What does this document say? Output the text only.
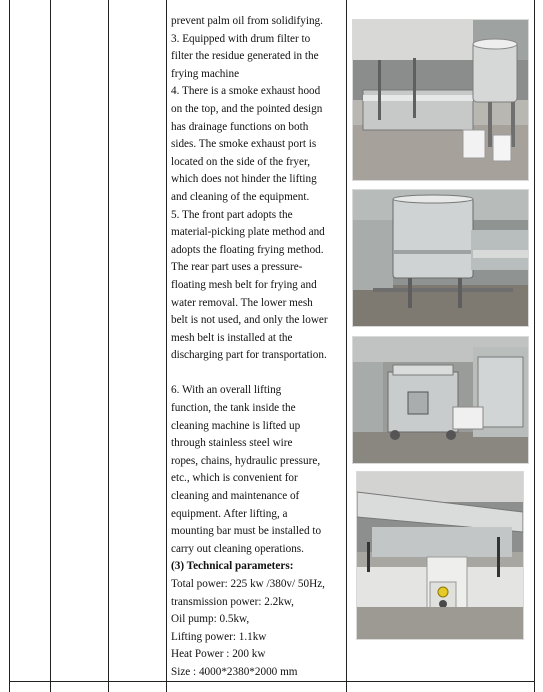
prevent palm oil from solidifying.
3. Equipped with drum filter to
filter the residue generated in the
frying machine
4. There is a smoke exhaust hood
on the top, and the pointed design
has drainage functions on both
sides. The smoke exhaust port is
located on the side of the fryer,
which does not hinder the lifting
and cleaning of the equipment.
5. The front part adopts the
material-picking plate method and
adopts the floating frying method.
The rear part uses a pressure-
floating mesh belt for frying and
water removal. The lower mesh
belt is not used, and only the lower
mesh belt is installed at the
discharging part for transportation.
6. With an overall lifting
function, the tank inside the
cleaning machine is lifted up
through stainless steel wire
ropes, chains, hydraulic pressure,
etc., which is convenient for
cleaning and maintenance of
equipment. After lifting, a
mounting bar must be installed to
carry out cleaning operations.
(3) Technical parameters:
Total power: 225 kw /380v/ 50Hz,
transmission power: 2.2kw,
Oil pump: 0.5kw,
Lifting power: 1.1kw
Heat Power : 200 kw
Size : 4000*2380*2000 mm
